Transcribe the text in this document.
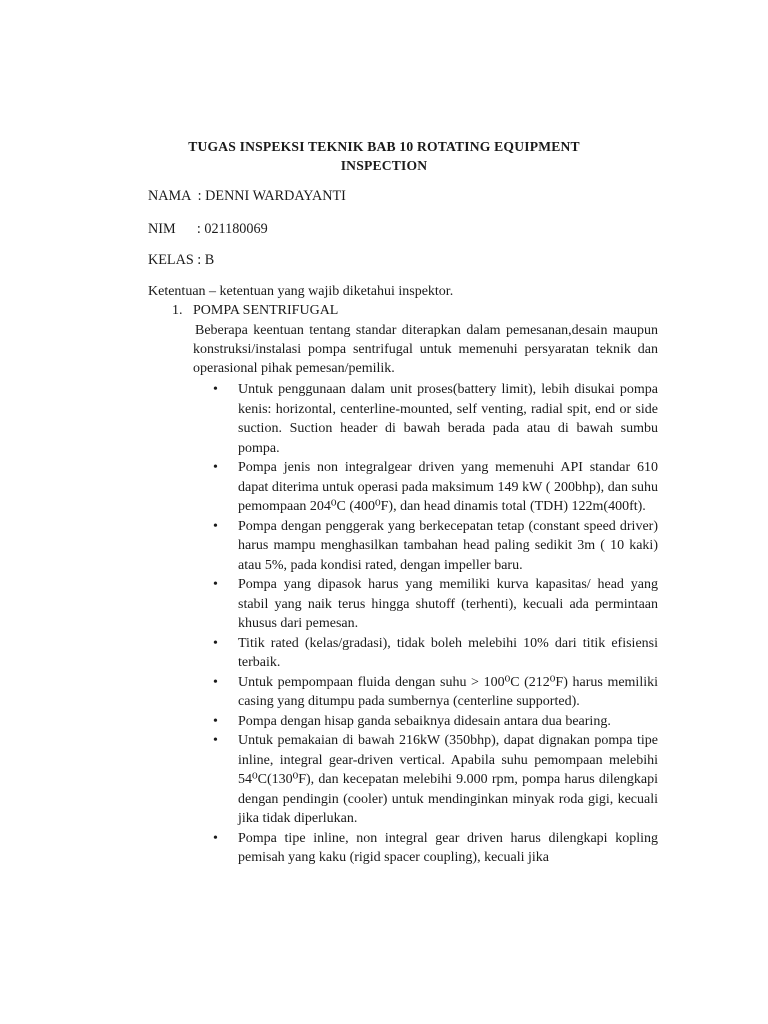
TUGAS INSPEKSI TEKNIK BAB 10 ROTATING EQUIPMENT
INSPECTION
NAMA  : DENNI WARDAYANTI
NIM      : 021180069
KELAS : B
Ketentuan – ketentuan yang wajib diketahui inspektor.
1. POMPA SENTRIFUGAL
Beberapa keentuan tentang standar diterapkan dalam pemesanan,desain maupun konstruksi/instalasi pompa sentrifugal untuk memenuhi persyaratan teknik dan operasional pihak pemesan/pemilik.
• Untuk penggunaan dalam unit proses(battery limit), lebih disukai pompa kenis: horizontal, centerline-mounted, self venting, radial spit, end or side suction. Suction header di bawah berada pada atau di bawah sumbu pompa.
• Pompa jenis non integralgear driven yang memenuhi API standar 610 dapat diterima untuk operasi pada maksimum 149 kW ( 200bhp), dan suhu pemompaan 204⁰C (400⁰F), dan head dinamis total (TDH) 122m(400ft).
• Pompa dengan penggerak yang berkecepatan tetap (constant speed driver) harus mampu menghasilkan tambahan head paling sedikit 3m ( 10 kaki) atau 5%, pada kondisi rated, dengan impeller baru.
• Pompa yang dipasok harus yang memiliki kurva kapasitas/ head yang stabil yang naik terus hingga shutoff (terhenti), kecuali ada permintaan khusus dari pemesan.
• Titik rated (kelas/gradasi), tidak boleh melebihi 10% dari titik efisiensi terbaik.
• Untuk pempompaan fluida dengan suhu > 100⁰C (212⁰F) harus memiliki casing yang ditumpu pada sumbernya (centerline supported).
• Pompa dengan hisap ganda sebaiknya didesain antara dua bearing.
• Untuk pemakaian di bawah 216kW (350bhp), dapat dignakan pompa tipe inline, integral gear-driven vertical. Apabila suhu pemompaan melebihi 54⁰C(130⁰F), dan kecepatan melebihi 9.000 rpm, pompa harus dilengkapi dengan pendingin (cooler) untuk mendinginkan minyak roda gigi, kecuali jika tidak diperlukan.
• Pompa tipe inline, non integral gear driven harus dilengkapi kopling pemisah yang kaku (rigid spacer coupling), kecuali jika
